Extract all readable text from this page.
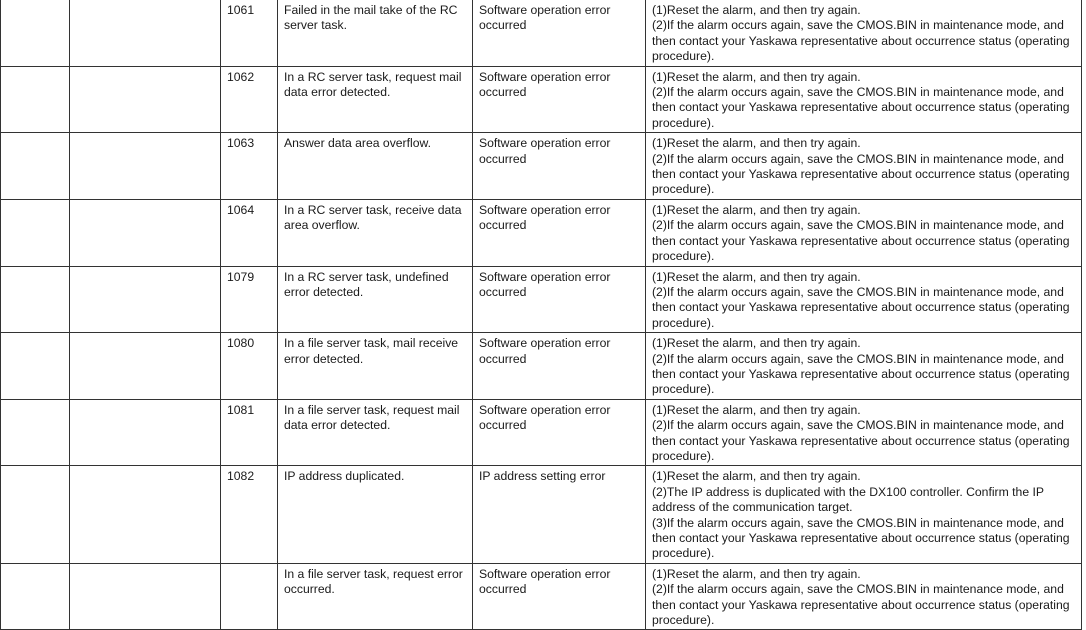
		1061	Failed in the mail take of the RC server task.	Software operation error occurred	(1)Reset the alarm, and then try again.
(2)If the alarm occurs again, save the CMOS.BIN in maintenance mode, and then contact your Yaskawa representative about occurrence status (operating procedure).

		1062	In a RC server task, request mail data error detected.	Software operation error occurred	(1)Reset the alarm, and then try again.
(2)If the alarm occurs again, save the CMOS.BIN in maintenance mode, and then contact your Yaskawa representative about occurrence status (operating procedure).

		1063	Answer data area overflow.	Software operation error occurred	(1)Reset the alarm, and then try again.
(2)If the alarm occurs again, save the CMOS.BIN in maintenance mode, and then contact your Yaskawa representative about occurrence status (operating procedure).

		1064	In a RC server task, receive data area overflow.	Software operation error occurred	(1)Reset the alarm, and then try again.
(2)If the alarm occurs again, save the CMOS.BIN in maintenance mode, and then contact your Yaskawa representative about occurrence status (operating procedure).

		1079	In a RC server task, undefined error detected.	Software operation error occurred	(1)Reset the alarm, and then try again.
(2)If the alarm occurs again, save the CMOS.BIN in maintenance mode, and then contact your Yaskawa representative about occurrence status (operating procedure).

		1080	In a file server task, mail receive error detected.	Software operation error occurred	(1)Reset the alarm, and then try again.
(2)If the alarm occurs again, save the CMOS.BIN in maintenance mode, and then contact your Yaskawa representative about occurrence status (operating procedure).

		1081	In a file server task, request mail data error detected.	Software operation error occurred	(1)Reset the alarm, and then try again.
(2)If the alarm occurs again, save the CMOS.BIN in maintenance mode, and then contact your Yaskawa representative about occurrence status (operating procedure).

		1082	IP address duplicated.	IP address setting error	(1)Reset the alarm, and then try again.
(2)The IP address is duplicated with the DX100 controller. Confirm the IP address of the communication target.
(3)If the alarm occurs again, save the CMOS.BIN in maintenance mode, and then contact your Yaskawa representative about occurrence status (operating procedure).

			In a file server task, request error occurred.	Software operation error occurred	(1)Reset the alarm, and then try again.
(2)If the alarm occurs again, save the CMOS.BIN in maintenance mode, and then contact your Yaskawa representative about occurrence status (operating procedure).
